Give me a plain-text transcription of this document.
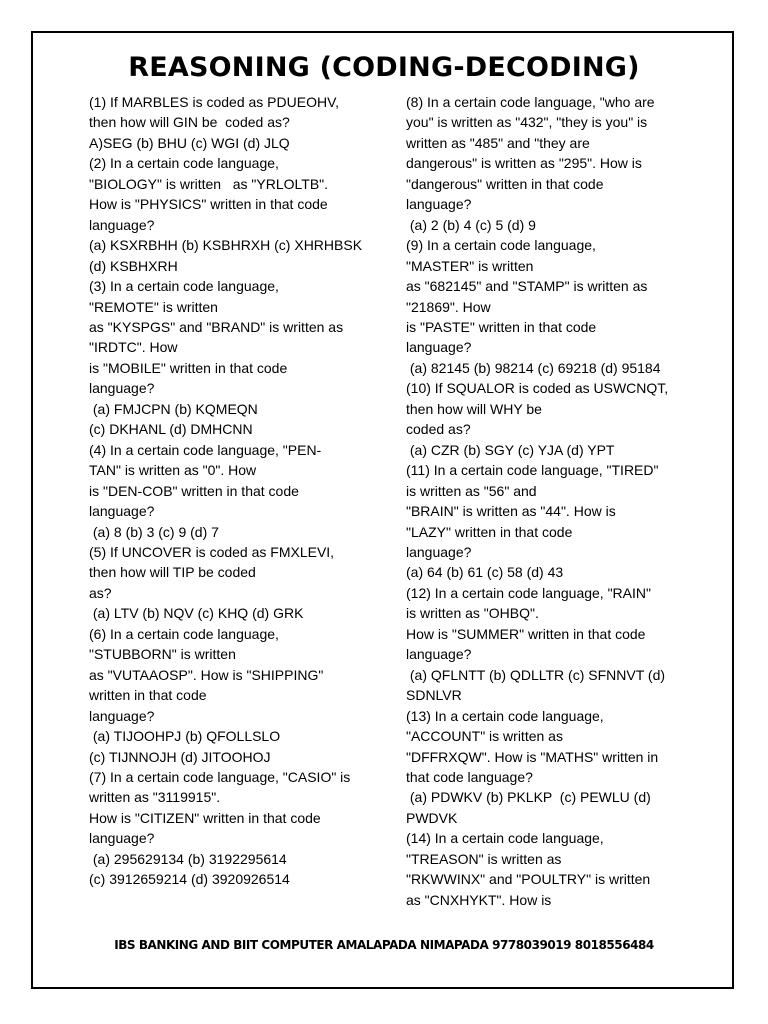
REASONING (CODING-DECODING)
(1) If MARBLES is coded as PDUEOHV,
then how will GIN be  coded as?
A)SEG (b) BHU (c) WGI (d) JLQ
(2) In a certain code language,
"BIOLOGY" is written   as "YRLOLTB".
How is "PHYSICS" written in that code
language?
(a) KSXRBHH (b) KSBHRXH (c) XHRHBSK
(d) KSBHXRH
(3) In a certain code language,
"REMOTE" is written
as "KYSPGS" and "BRAND" is written as
"IRDTC". How
is "MOBILE" written in that code
language?
(a) FMJCPN (b) KQMEQN
(c) DKHANL (d) DMHCNN
(4) In a certain code language, "PEN-
TAN" is written as "0". How
is "DEN-COB" written in that code
language?
(a) 8 (b) 3 (c) 9 (d) 7
(5) If UNCOVER is coded as FMXLEVI,
then how will TIP be coded
as?
(a) LTV (b) NQV (c) KHQ (d) GRK
(6) In a certain code language,
"STUBBORN" is written
as "VUTAAOSP". How is "SHIPPING"
written in that code
language?
(a) TIJOOHPJ (b) QFOLLSLO
(c) TIJNNOJH (d) JITOOHOJ
(7) In a certain code language, "CASIO" is
written as "3119915".
How is "CITIZEN" written in that code
language?
(a) 295629134 (b) 3192295614
(c) 3912659214 (d) 3920926514
(8) In a certain code language, "who are
you" is written as "432", "they is you" is
written as "485" and "they are
dangerous" is written as "295". How is
"dangerous" written in that code
language?
(a) 2 (b) 4 (c) 5 (d) 9
(9) In a certain code language,
"MASTER" is written
as "682145" and "STAMP" is written as
"21869". How
is "PASTE" written in that code
language?
(a) 82145 (b) 98214 (c) 69218 (d) 95184
(10) If SQUALOR is coded as USWCNQT,
then how will WHY be
coded as?
(a) CZR (b) SGY (c) YJA (d) YPT
(11) In a certain code language, "TIRED"
is written as "56" and
"BRAIN" is written as "44". How is
"LAZY" written in that code
language?
(a) 64 (b) 61 (c) 58 (d) 43
(12) In a certain code language, "RAIN"
is written as "OHBQ".
How is "SUMMER" written in that code
language?
(a) QFLNTT (b) QDLLTR (c) SFNNVT (d)
SDNLVR
(13) In a certain code language,
"ACCOUNT" is written as
"DFFRXQW". How is "MATHS" written in
that code language?
(a) PDWKV (b) PKLKP  (c) PEWLU (d)
PWDVK
(14) In a certain code language,
"TREASON" is written as
"RKWWINX" and "POULTRY" is written
as "CNXHYKT". How is
IBS BANKING AND BIIT COMPUTER AMALAPADA NIMAPADA 9778039019 8018556484
